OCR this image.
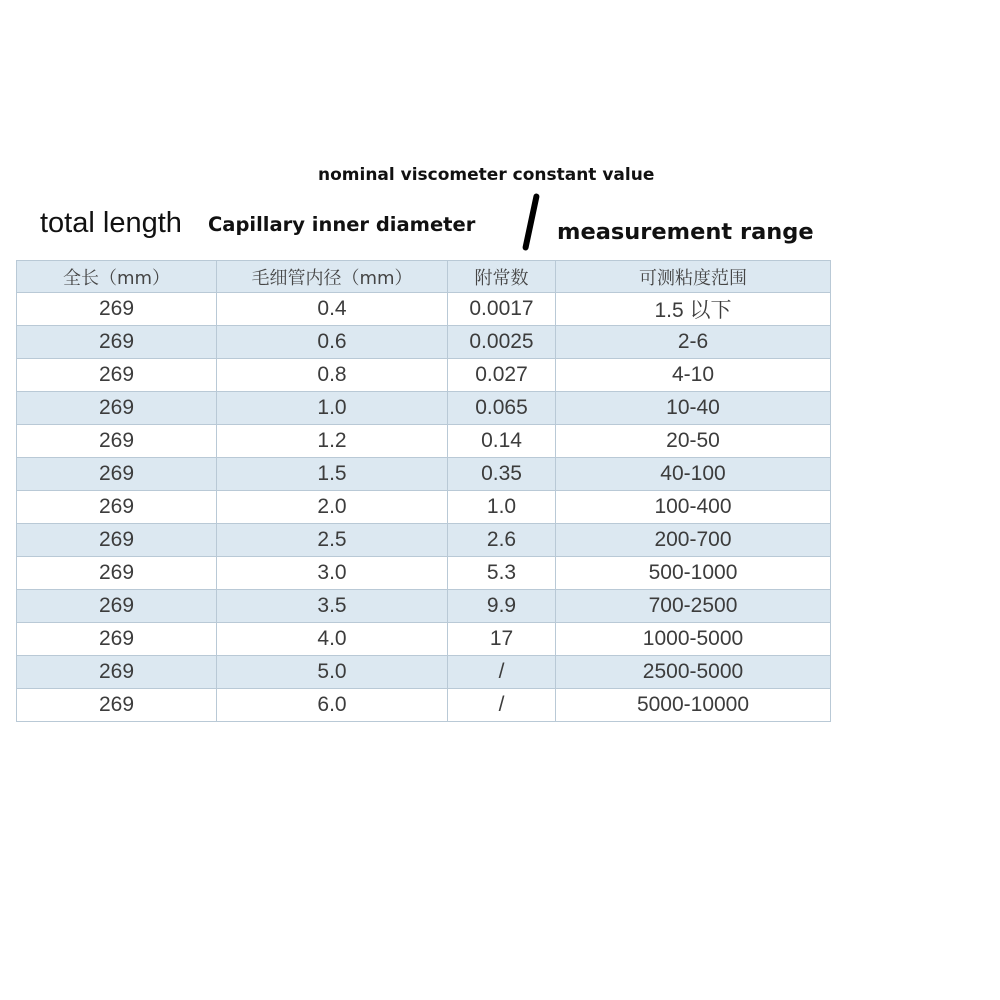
nominal viscometer constant value
total length Capillary inner diameter	measurement range
全长（mm）	毛细管内径（mm）	附常数	可测粘度范围
269	0.4	0.0017	1.5 以下
269	0.6	0.0025	2-6
269	0.8	0.027	4-10
269	1.0	0.065	10-40
269	1.2	0.14	20-50
269	1.5	0.35	40-100
269	2.0	1.0	100-400
269	2.5	2.6	200-700
269	3.0	5.3	500-1000
269	3.5	9.9	700-2500
269	4.0	17	1000-5000
269	5.0	/	2500-5000
269	6.0	/	5000-10000
